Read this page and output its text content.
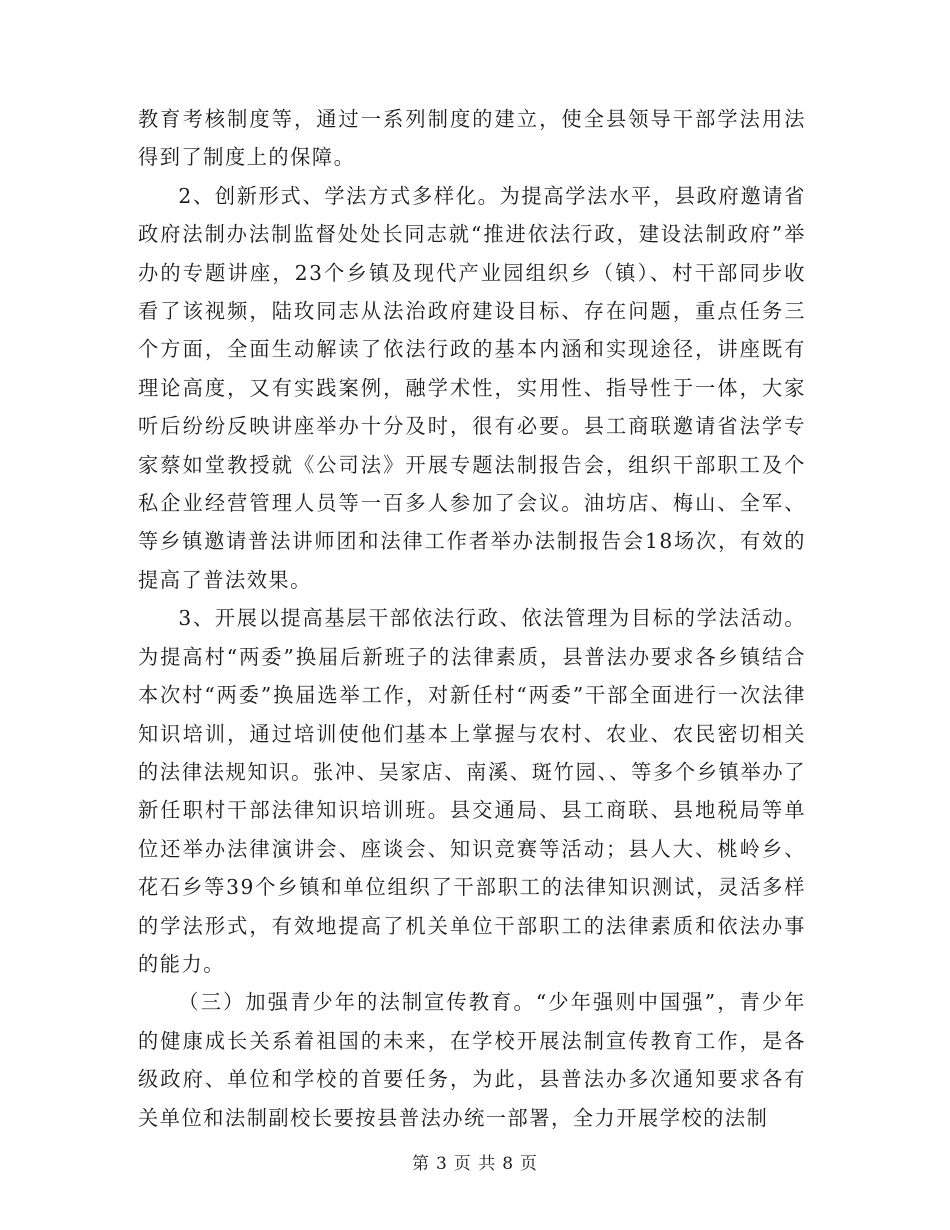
教育考核制度等，通过一系列制度的建立，使全县领导干部学法用法得到了制度上的保障。

2、创新形式、学法方式多样化。为提高学法水平，县政府邀请省政府法制办法制监督处处长同志就“推进依法行政，建设法制政府”举办的专题讲座，23个乡镇及现代产业园组织乡（镇）、村干部同步收看了该视频，陆玫同志从法治政府建设目标、存在问题，重点任务三个方面，全面生动解读了依法行政的基本内涵和实现途径，讲座既有理论高度，又有实践案例，融学术性，实用性、指导性于一体，大家听后纷纷反映讲座举办十分及时，很有必要。县工商联邀请省法学专家蔡如堂教授就《公司法》开展专题法制报告会，组织干部职工及个私企业经营管理人员等一百多人参加了会议。油坊店、梅山、全军、等乡镇邀请普法讲师团和法律工作者举办法制报告会18场次，有效的提高了普法效果。

3、开展以提高基层干部依法行政、依法管理为目标的学法活动。为提高村“两委”换届后新班子的法律素质，县普法办要求各乡镇结合本次村“两委”换届选举工作，对新任村“两委”干部全面进行一次法律知识培训，通过培训使他们基本上掌握与农村、农业、农民密切相关的法律法规知识。张冲、吴家店、南溪、斑竹园、、等多个乡镇举办了新任职村干部法律知识培训班。县交通局、县工商联、县地税局等单位还举办法律演讲会、座谈会、知识竞赛等活动；县人大、桃岭乡、花石乡等39个乡镇和单位组织了干部职工的法律知识测试，灵活多样的学法形式，有效地提高了机关单位干部职工的法律素质和依法办事的能力。

（三）加强青少年的法制宣传教育。“少年强则中国强”，青少年的健康成长关系着祖国的未来，在学校开展法制宣传教育工作，是各级政府、单位和学校的首要任务，为此，县普法办多次通知要求各有关单位和法制副校长要按县普法办统一部署，全力开展学校的法制

第 3 页 共 8 页
